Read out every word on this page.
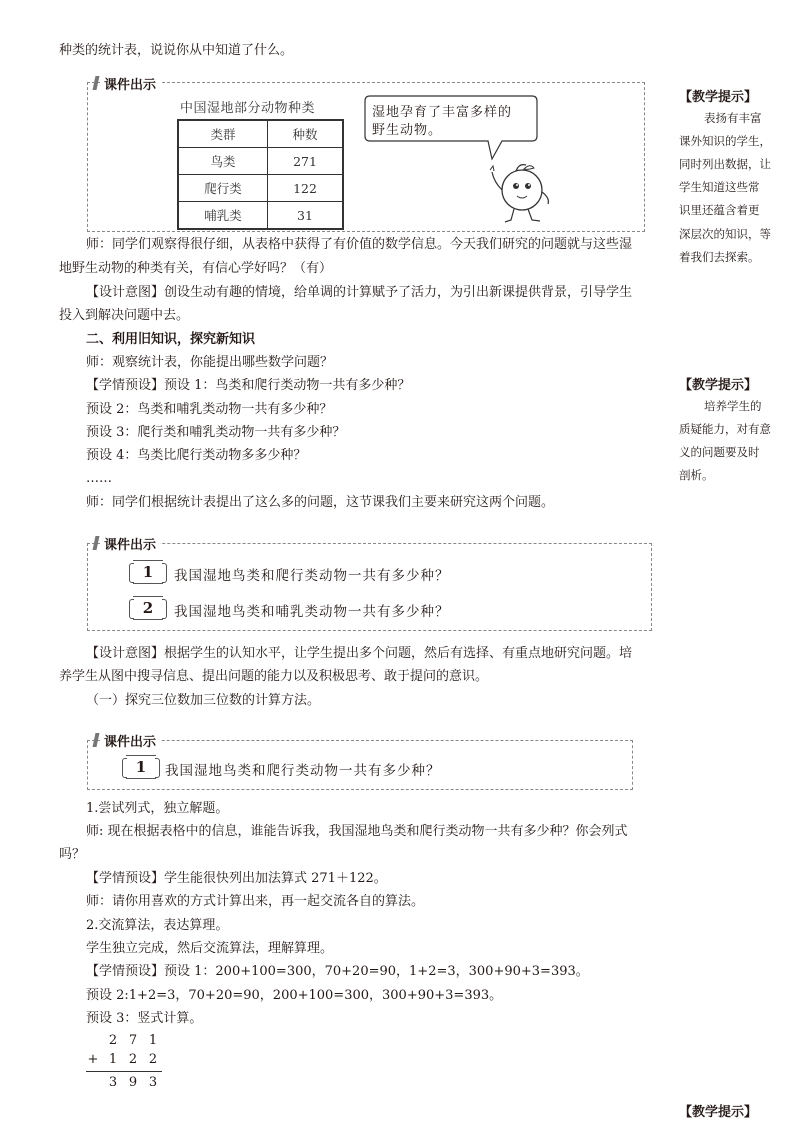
种类的统计表，说说你从中知道了什么。
课件出示
中国湿地部分动物种类
类群	种数
鸟类	271
爬行类	122
哺乳类	31
湿地孕育了丰富多样的
野生动物。
师：同学们观察得很仔细，从表格中获得了有价值的数学信息。今天我们研究的问题就与这些湿
地野生动物的种类有关，有信心学好吗？（有）
【设计意图】创设生动有趣的情境，给单调的计算赋予了活力，为引出新课提供背景，引导学生
投入到解决问题中去。
二、利用旧知识，探究新知识
师：观察统计表，你能提出哪些数学问题？
【学情预设】预设 1：鸟类和爬行类动物一共有多少种？
预设 2：鸟类和哺乳类动物一共有多少种？
预设 3：爬行类和哺乳类动物一共有多少种？
预设 4：鸟类比爬行类动物多多少种？
……
师：同学们根据统计表提出了这么多的问题，这节课我们主要来研究这两个问题。
课件出示
1	我国湿地鸟类和爬行类动物一共有多少种？
2	我国湿地鸟类和哺乳类动物一共有多少种？
【设计意图】根据学生的认知水平，让学生提出多个问题，然后有选择、有重点地研究问题。培
养学生从图中搜寻信息、提出问题的能力以及积极思考、敢于提问的意识。
（一）探究三位数加三位数的计算方法。
课件出示
1	我国湿地鸟类和爬行类动物一共有多少种？
1.尝试列式，独立解题。
师: 现在根据表格中的信息，谁能告诉我，我国湿地鸟类和爬行类动物一共有多少种？你会列式
吗？
【学情预设】学生能很快列出加法算式 271＋122。
师：请你用喜欢的方式计算出来，再一起交流各自的算法。
2.交流算法，表达算理。
学生独立完成，然后交流算法，理解算理。
【学情预设】预设 1：200+100=300，70+20=90，1+2=3，300+90+3=393。
预设 2:1+2=3，70+20=90，200+100=300，300+90+3=393。
预设 3：竖式计算。
2 7 1
+ 1 2 2
3 9 3
【教学提示】
表扬有丰富
课外知识的学生，
同时列出数据，让
学生知道这些常
识里还蕴含着更
深层次的知识，等
着我们去探索。
【教学提示】
培养学生的
质疑能力，对有意
义的问题要及时
剖析。
【教学提示】
